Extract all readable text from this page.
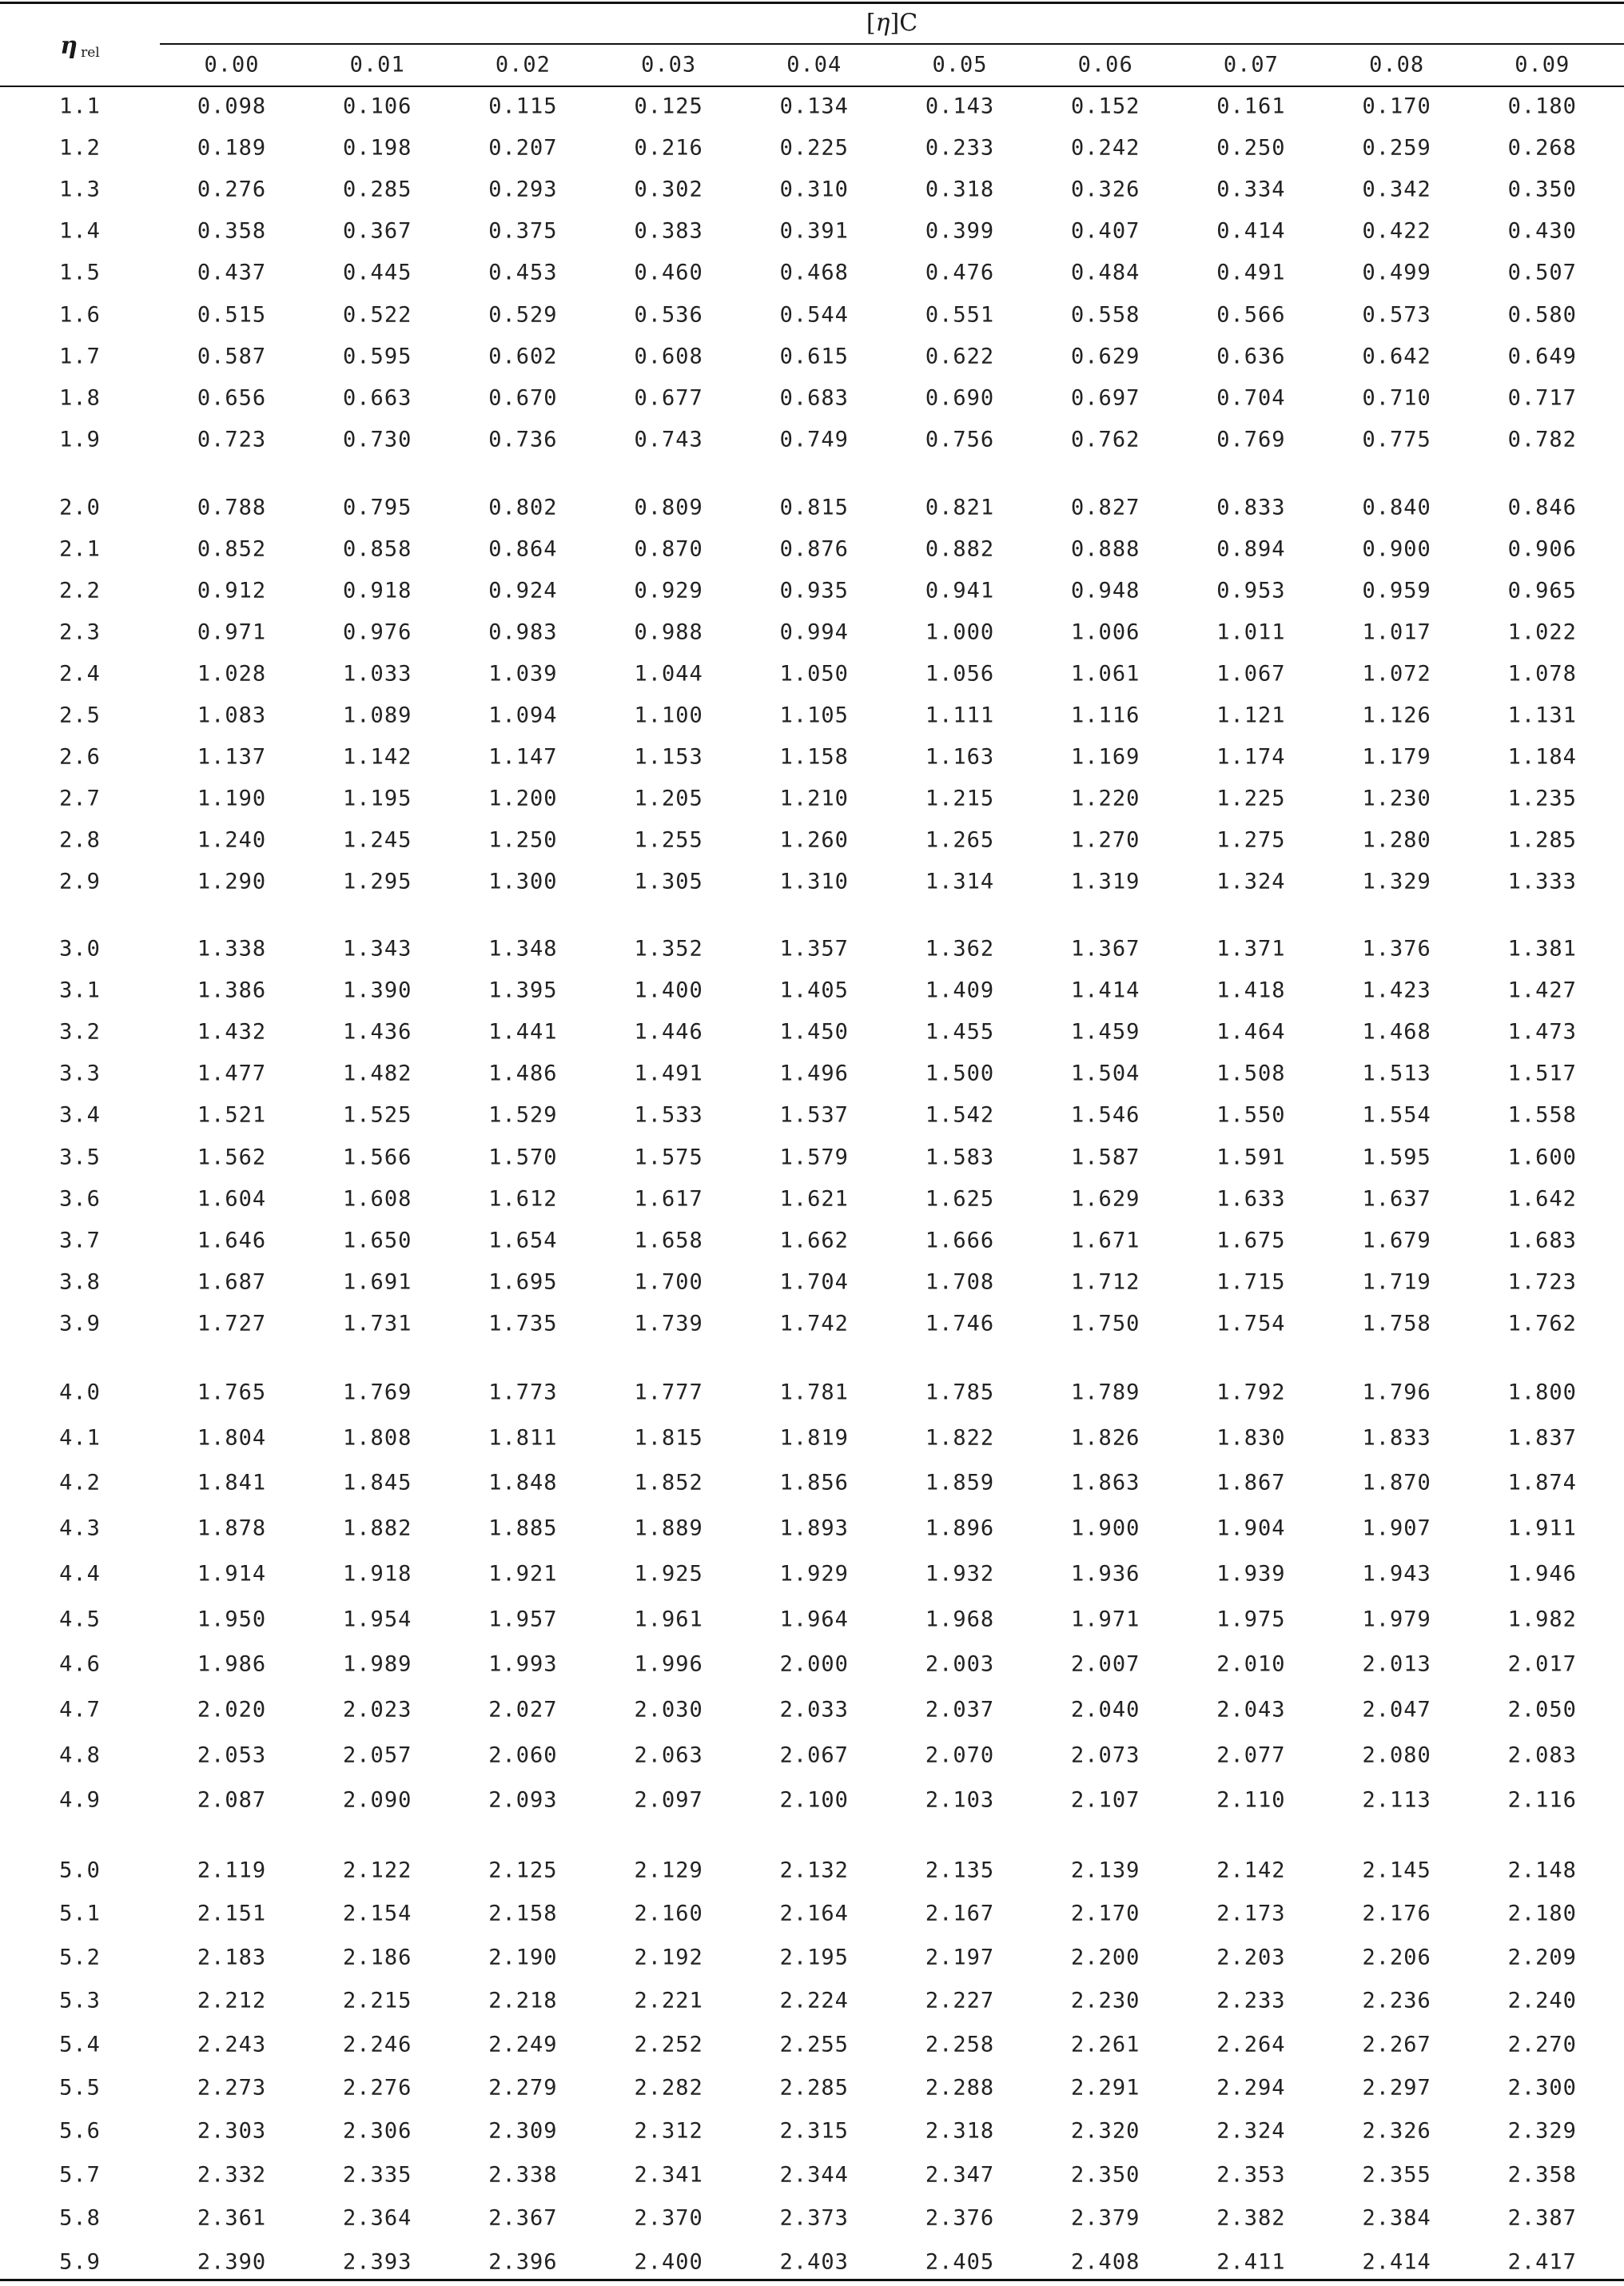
η $_{rel}$
[η]C
0.00	0.01	0.02	0.03	0.04	0.05	0.06	0.07	0.08	0.09
1.1	0.098	0.106	0.115	0.125	0.134	0.143	0.152	0.161	0.170	0.180
1.2	0.189	0.198	0.207	0.216	0.225	0.233	0.242	0.250	0.259	0.268
1.3	0.276	0.285	0.293	0.302	0.310	0.318	0.326	0.334	0.342	0.350
1.4	0.358	0.367	0.375	0.383	0.391	0.399	0.407	0.414	0.422	0.430
1.5	0.437	0.445	0.453	0.460	0.468	0.476	0.484	0.491	0.499	0.507
1.6	0.515	0.522	0.529	0.536	0.544	0.551	0.558	0.566	0.573	0.580
1.7	0.587	0.595	0.602	0.608	0.615	0.622	0.629	0.636	0.642	0.649
1.8	0.656	0.663	0.670	0.677	0.683	0.690	0.697	0.704	0.710	0.717
1.9	0.723	0.730	0.736	0.743	0.749	0.756	0.762	0.769	0.775	0.782
2.0	0.788	0.795	0.802	0.809	0.815	0.821	0.827	0.833	0.840	0.846
2.1	0.852	0.858	0.864	0.870	0.876	0.882	0.888	0.894	0.900	0.906
2.2	0.912	0.918	0.924	0.929	0.935	0.941	0.948	0.953	0.959	0.965
2.3	0.971	0.976	0.983	0.988	0.994	1.000	1.006	1.011	1.017	1.022
2.4	1.028	1.033	1.039	1.044	1.050	1.056	1.061	1.067	1.072	1.078
2.5	1.083	1.089	1.094	1.100	1.105	1.111	1.116	1.121	1.126	1.131
2.6	1.137	1.142	1.147	1.153	1.158	1.163	1.169	1.174	1.179	1.184
2.7	1.190	1.195	1.200	1.205	1.210	1.215	1.220	1.225	1.230	1.235
2.8	1.240	1.245	1.250	1.255	1.260	1.265	1.270	1.275	1.280	1.285
2.9	1.290	1.295	1.300	1.305	1.310	1.314	1.319	1.324	1.329	1.333
3.0	1.338	1.343	1.348	1.352	1.357	1.362	1.367	1.371	1.376	1.381
3.1	1.386	1.390	1.395	1.400	1.405	1.409	1.414	1.418	1.423	1.427
3.2	1.432	1.436	1.441	1.446	1.450	1.455	1.459	1.464	1.468	1.473
3.3	1.477	1.482	1.486	1.491	1.496	1.500	1.504	1.508	1.513	1.517
3.4	1.521	1.525	1.529	1.533	1.537	1.542	1.546	1.550	1.554	1.558
3.5	1.562	1.566	1.570	1.575	1.579	1.583	1.587	1.591	1.595	1.600
3.6	1.604	1.608	1.612	1.617	1.621	1.625	1.629	1.633	1.637	1.642
3.7	1.646	1.650	1.654	1.658	1.662	1.666	1.671	1.675	1.679	1.683
3.8	1.687	1.691	1.695	1.700	1.704	1.708	1.712	1.715	1.719	1.723
3.9	1.727	1.731	1.735	1.739	1.742	1.746	1.750	1.754	1.758	1.762
4.0	1.765	1.769	1.773	1.777	1.781	1.785	1.789	1.792	1.796	1.800
4.1	1.804	1.808	1.811	1.815	1.819	1.822	1.826	1.830	1.833	1.837
4.2	1.841	1.845	1.848	1.852	1.856	1.859	1.863	1.867	1.870	1.874
4.3	1.878	1.882	1.885	1.889	1.893	1.896	1.900	1.904	1.907	1.911
4.4	1.914	1.918	1.921	1.925	1.929	1.932	1.936	1.939	1.943	1.946
4.5	1.950	1.954	1.957	1.961	1.964	1.968	1.971	1.975	1.979	1.982
4.6	1.986	1.989	1.993	1.996	2.000	2.003	2.007	2.010	2.013	2.017
4.7	2.020	2.023	2.027	2.030	2.033	2.037	2.040	2.043	2.047	2.050
4.8	2.053	2.057	2.060	2.063	2.067	2.070	2.073	2.077	2.080	2.083
4.9	2.087	2.090	2.093	2.097	2.100	2.103	2.107	2.110	2.113	2.116
5.0	2.119	2.122	2.125	2.129	2.132	2.135	2.139	2.142	2.145	2.148
5.1	2.151	2.154	2.158	2.160	2.164	2.167	2.170	2.173	2.176	2.180
5.2	2.183	2.186	2.190	2.192	2.195	2.197	2.200	2.203	2.206	2.209
5.3	2.212	2.215	2.218	2.221	2.224	2.227	2.230	2.233	2.236	2.240
5.4	2.243	2.246	2.249	2.252	2.255	2.258	2.261	2.264	2.267	2.270
5.5	2.273	2.276	2.279	2.282	2.285	2.288	2.291	2.294	2.297	2.300
5.6	2.303	2.306	2.309	2.312	2.315	2.318	2.320	2.324	2.326	2.329
5.7	2.332	2.335	2.338	2.341	2.344	2.347	2.350	2.353	2.355	2.358
5.8	2.361	2.364	2.367	2.370	2.373	2.376	2.379	2.382	2.384	2.387
5.9	2.390	2.393	2.396	2.400	2.403	2.405	2.408	2.411	2.414	2.417
